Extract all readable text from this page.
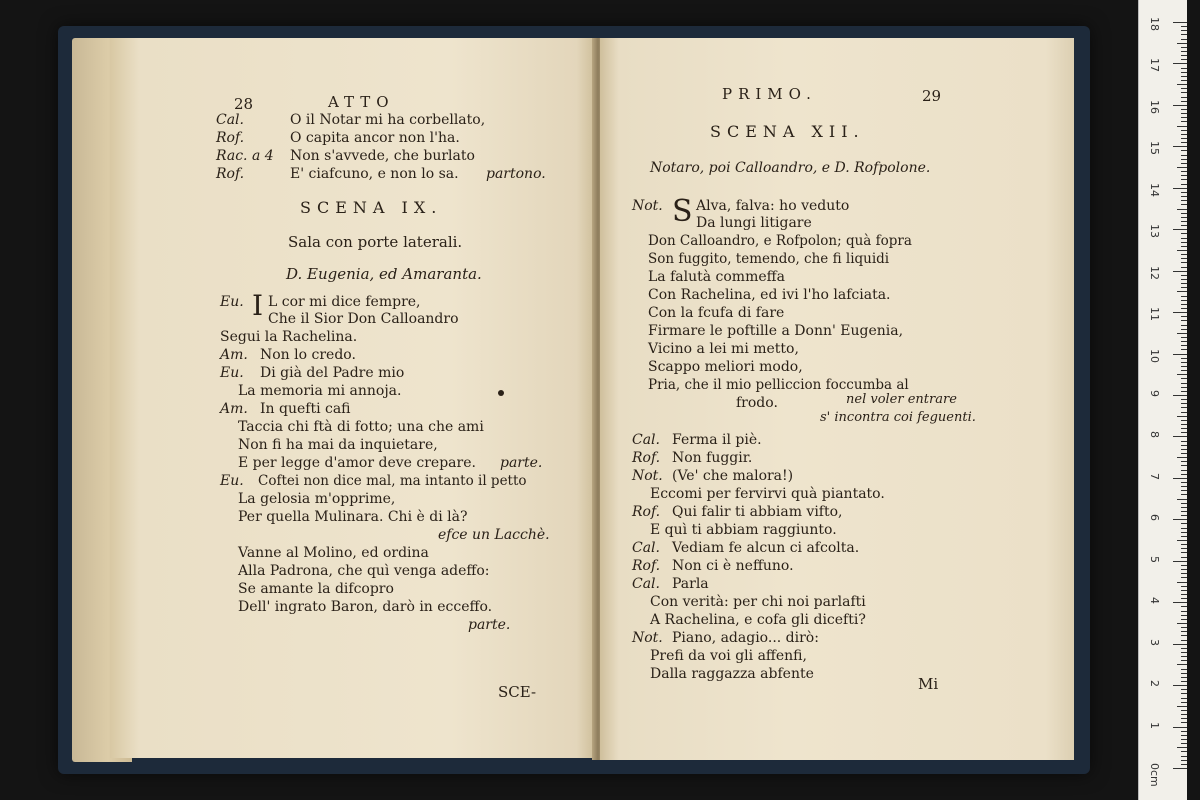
28	ATTO
Cal.	O il Notar mi ha corbellato,
Rof.	O capita ancor non l'ha.
Rac. a 4 Non s'avvede, che burlato
Rof.	E' ciafcuno, e non lo sa. partono.
SCENA IX.
Sala con porte laterali.
D. Eugenia, ed Amaranta.
Eu. I L cor mi dice fempre,
Che il Sior Don Calloandro
Segui la Rachelina.
Am. Non lo credo.
Eu. Di già del Padre mio
La memoria mi annoja.
Am. In quefti cafi
Taccia chi ftà di fotto; una che ami
Non fi ha mai da inquietare,
E per legge d'amor deve crepare. parte.
Eu. Coftei non dice mal, ma intanto il petto
La gelosia m'opprime,
Per quella Mulinara. Chi è di là?
efce un Lacchè.
Vanne al Molino, ed ordina
Alla Padrona, che quì venga adeffo:
Se amante la difcopro
Dell' ingrato Baron, darò in ecceffo.
parte.
SCE-
PRIMO.	29
SCENA XII.
Notaro, poi Calloandro, e D. Rofpolone.
Not. S Alva, falva: ho veduto
Da lungi litigare
Don Calloandro, e Rofpolon; quà fopra
Son fuggito, temendo, che fi liquidi
La falutà commeffa
Con Rachelina, ed ivi l'ho lafciata.
Con la fcufa di fare
Firmare le poftille a Donn' Eugenia,
Vicino a lei mi metto,
Scappo meliori modo,
Pria, che il mio pelliccion foccumba al
frodo.	nel voler entrare
s' incontra coi feguenti.
Cal. Ferma il piè.
Rof. Non fuggir.
Not. (Ve' che malora!)
Eccomi per fervirvi quà piantato.
Rof. Qui falir ti abbiam vifto,
E quì ti abbiam raggiunto.
Cal. Vediam fe alcun ci afcolta.
Rof. Non ci è neffuno.
Cal. Parla
Con verità: per chi noi parlafti
A Rachelina, e cofa gli dicefti?
Not. Piano, adagio... dirò:
Prefi da voi gli affenfi,
Dalla raggazza abfente
Mi
18
17
16
15
14
13
12
11
10
9
8
7
6
5
4
3
2
1
0cm
